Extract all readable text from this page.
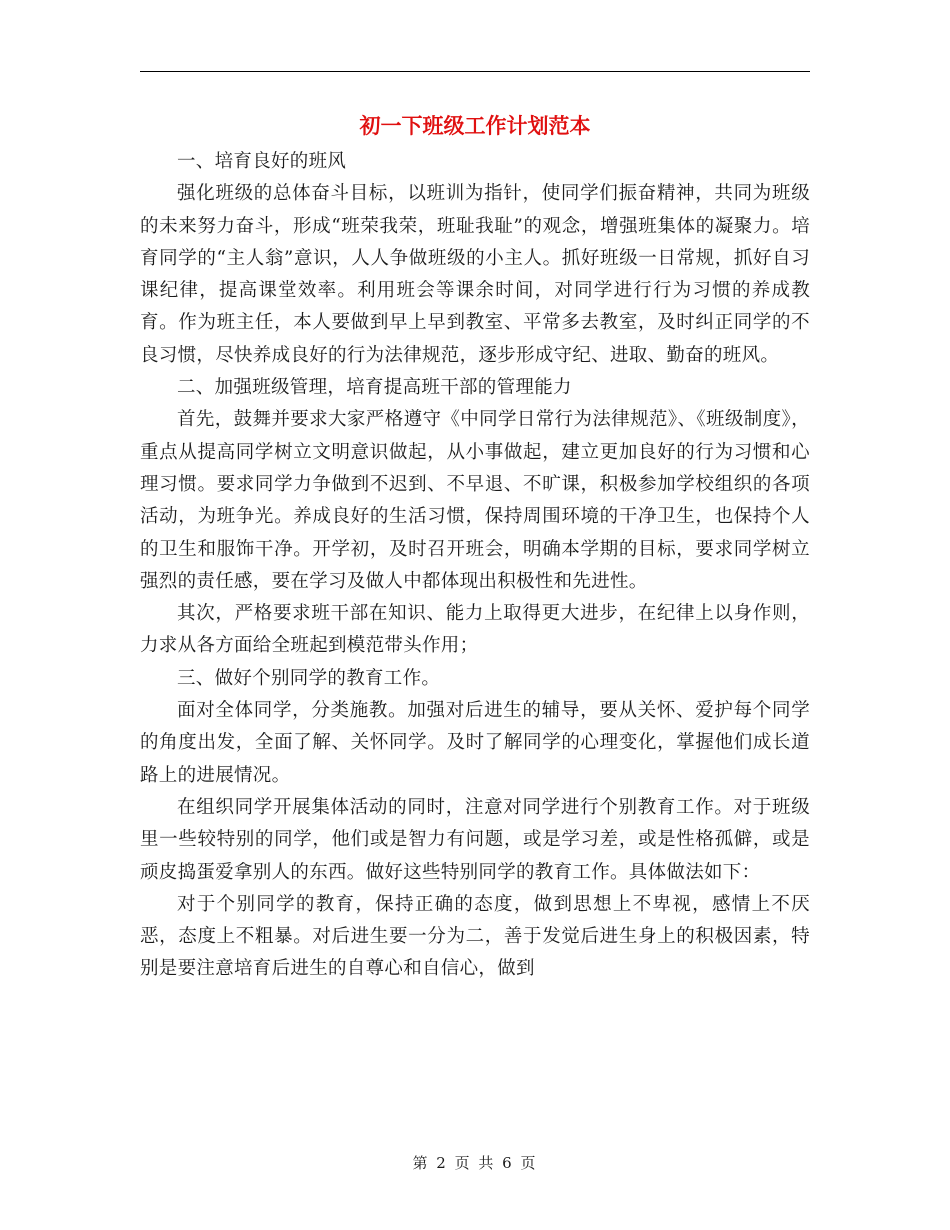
初一下班级工作计划范本

一、培育良好的班风

强化班级的总体奋斗目标，以班训为指针，使同学们振奋精神，共同为班级的未来努力奋斗，形成“班荣我荣，班耻我耻”的观念，增强班集体的凝聚力。培育同学的“主人翁”意识，人人争做班级的小主人。抓好班级一日常规，抓好自习课纪律，提高课堂效率。利用班会等课余时间，对同学进行行为习惯的养成教育。作为班主任，本人要做到早上早到教室、平常多去教室，及时纠正同学的不良习惯，尽快养成良好的行为法律规范，逐步形成守纪、进取、勤奋的班风。

二、加强班级管理，培育提高班干部的管理能力

首先，鼓舞并要求大家严格遵守《中同学日常行为法律规范》、《班级制度》，重点从提高同学树立文明意识做起，从小事做起，建立更加良好的行为习惯和心理习惯。要求同学力争做到不迟到、不早退、不旷课，积极参加学校组织的各项活动，为班争光。养成良好的生活习惯，保持周围环境的干净卫生，也保持个人的卫生和服饰干净。开学初，及时召开班会，明确本学期的目标，要求同学树立强烈的责任感，要在学习及做人中都体现出积极性和先进性。

其次，严格要求班干部在知识、能力上取得更大进步，在纪律上以身作则，力求从各方面给全班起到模范带头作用；

三、做好个别同学的教育工作。

面对全体同学，分类施教。加强对后进生的辅导，要从关怀、爱护每个同学的角度出发，全面了解、关怀同学。及时了解同学的心理变化，掌握他们成长道路上的进展情况。

在组织同学开展集体活动的同时，注意对同学进行个别教育工作。对于班级里一些较特别的同学，他们或是智力有问题，或是学习差，或是性格孤僻，或是顽皮捣蛋爱拿别人的东西。做好这些特别同学的教育工作。具体做法如下：

对于个别同学的教育，保持正确的态度，做到思想上不卑视，感情上不厌恶，态度上不粗暴。对后进生要一分为二，善于发觉后进生身上的积极因素，特别是要注意培育后进生的自尊心和自信心，做到

第 2 页 共 6 页
